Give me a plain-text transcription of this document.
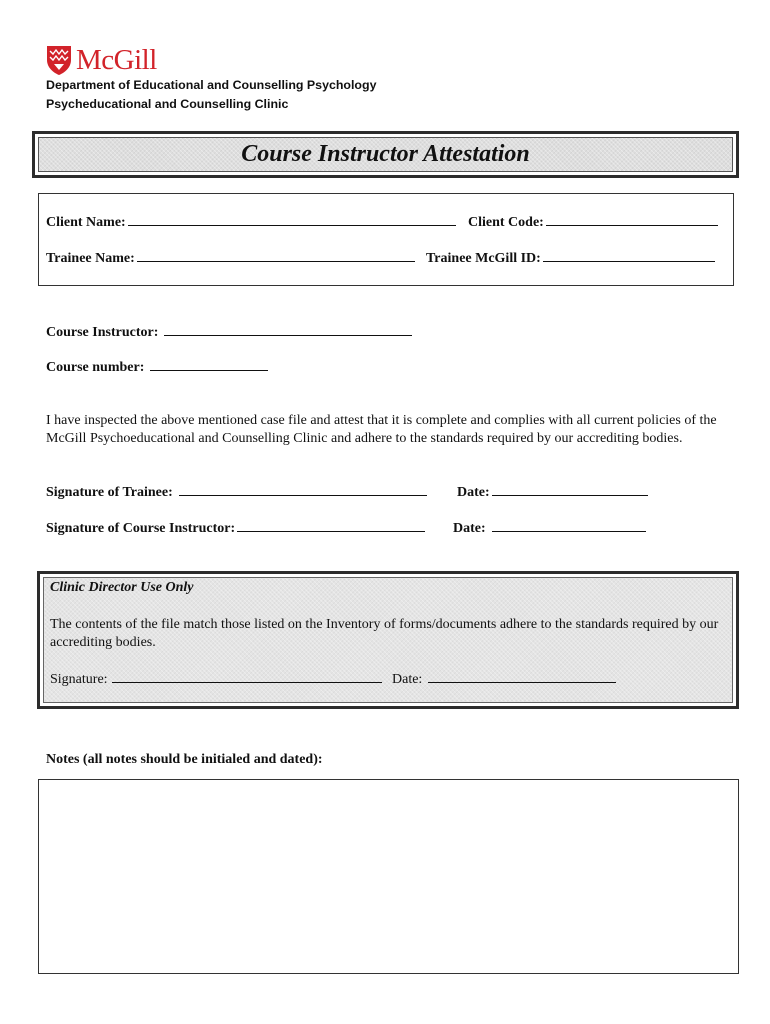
McGill
Department of Educational and Counselling Psychology
Psycheducational and Counselling Clinic
Course Instructor Attestation
Client Name:	Client Code:
Trainee Name:	Trainee McGill ID:
Course Instructor:
Course number:
I have inspected the above mentioned case file and attest that it is complete and complies with all current policies of the McGill Psychoeducational and Counselling Clinic and adhere to the standards required by our accrediting bodies.
Signature of Trainee:	Date:
Signature of Course Instructor:	Date:
Clinic Director Use Only
The contents of the file match those listed on the Inventory of forms/documents adhere to the standards required by our accrediting bodies.
Signature:	Date:
Notes (all notes should be initialed and dated):
